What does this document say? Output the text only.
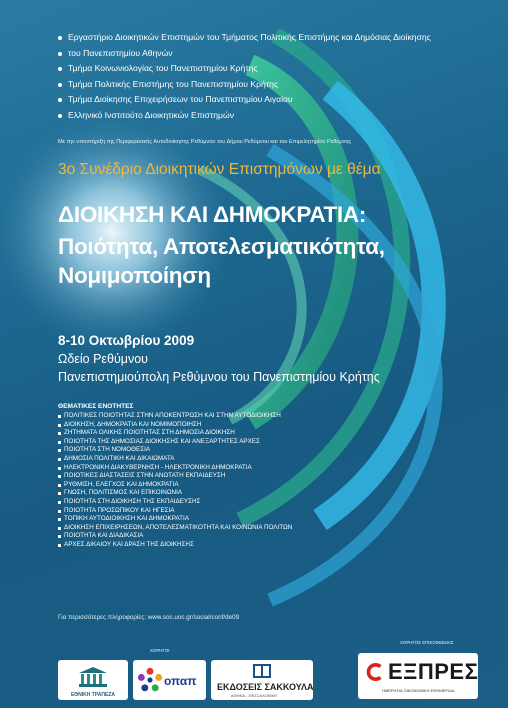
Εργαστήριο Διοικητικών Επιστημών του Τμήματος Πολιτικής Επιστήμης και Δημόσιας Διοίκησης
του Πανεπιστημίου Αθηνών
Τμήμα Κοινωνιολογίας του Πανεπιστημίου Κρήτης
Τμήμα Πολιτικής Επιστήμης του Πανεπιστημίου Κρήτης
Τμήμα Διοίκησης Επιχειρήσεων του Πανεπιστημίου Αιγαίου
Ελληνικό Ινστιτούτο Διοικητικών Επιστημών
Με την υποστήριξη της Περιφερειακής Αυτοδιοίκησης Ρεθύμνου του Δήμου Ρεθύμνου και του Επιμελητηρίου Ρεθύμνης
3ο Συνέδριο Διοικητικών Επιστημόνων με θέμα
ΔΙΟΙΚΗΣΗ ΚΑΙ ΔΗΜΟΚΡΑΤΙΑ:
Ποιότητα, Αποτελεσματικότητα,
Νομιμοποίηση
8-10 Οκτωβρίου 2009
Ωδείο Ρεθύμνου
Πανεπιστημιούπολη Ρεθύμνου του Πανεπιστημίου Κρήτης
ΘΕΜΑΤΙΚΕΣ ΕΝΟΤΗΤΕΣ
ΠΟΛΙΤΙΚΕΣ ΠΟΙΟΤΗΤΑΣ ΣΤΗΝ ΑΠΟΚΕΝΤΡΩΣΗ ΚΑΙ ΣΤΗΝ ΑΥΤΟΔΙΟΙΚΗΣΗ
ΔΙΟΙΚΗΣΗ, ΔΗΜΟΚΡΑΤΙΑ ΚΑΙ ΝΟΜΙΜΟΠΟΙΗΣΗ
ΖΗΤΗΜΑΤΑ ΟΛΙΚΗΣ ΠΟΙΟΤΗΤΑΣ ΣΤΗ ΔΗΜΟΣΙΑ ΔΙΟΙΚΗΣΗ
ΠΟΙΟΤΗΤΑ ΤΗΣ ΔΗΜΟΣΙΑΣ ΔΙΟΙΚΗΣΗΣ ΚΑΙ ΑΝΕΞΑΡΤΗΤΕΣ ΑΡΧΕΣ
ΠΟΙΟΤΗΤΑ ΣΤΗ ΝΟΜΟΘΕΣΙΑ
ΔΗΜΟΣΙΑ ΠΟΛΙΤΙΚΗ ΚΑΙ ΔΙΚΑΙΩΜΑΤΑ
ΗΛΕΚΤΡΟΝΙΚΗ ΔΙΑΚΥΒΕΡΝΗΣΗ - ΗΛΕΚΤΡΟΝΙΚΗ ΔΗΜΟΚΡΑΤΙΑ
ΠΟΙΟΤΙΚΕΣ ΔΙΑΣΤΑΣΕΙΣ ΣΤΗΝ ΑΝΩΤΑΤΗ ΕΚΠΑΙΔΕΥΣΗ
ΡΥΘΜΙΣΗ, ΕΛΕΓΧΟΣ ΚΑΙ ΔΗΜΟΚΡΑΤΙΑ
ΓΝΩΣΗ, ΠΟΛΙΤΙΣΜΟΣ ΚΑΙ ΕΠΙΚΟΙΝΩΝΙΑ
ΠΟΙΟΤΗΤΑ ΣΤΗ ΔΙΟΙΚΗΣΗ ΤΗΣ ΕΚΠΑΙΔΕΥΣΗΣ
ΠΟΙΟΤΗΤΑ ΠΡΟΣΩΠΙΚΟΥ ΚΑΙ ΗΓΕΣΙΑ
ΤΟΠΙΚΗ ΑΥΤΟΔΙΟΙΚΗΣΗ ΚΑΙ ΔΗΜΟΚΡΑΤΙΑ
ΔΙΟΙΚΗΣΗ ΕΠΙΧΕΙΡΗΣΕΩΝ, ΑΠΟΤΕΛΕΣΜΑΤΙΚΟΤΗΤΑ ΚΑΙ ΚΟΙΝΩΝΙΑ ΠΟΛΙΤΩΝ
ΠΟΙΟΤΗΤΑ ΚΑΙ ΔΙΑΔΙΚΑΣΙΑ
ΑΡΧΕΣ ΔΙΚΑΙΟΥ ΚΑΙ ΔΡΑΣΗ ΤΗΣ ΔΙΟΙΚΗΣΗΣ
Για περισσότερες πληροφορίες: www.soc.uoc.gr/social/conf/de09
ΧΟΡΗΓΟΙ
ΧΟΡΗΓΟΣ ΕΠΙΚΟΙΝΩΝΙΑΣ
ΕΘΝΙΚΗ ΤΡΑΠΕΖΑ
οπαπ ΕΚΔΟΣΕΙΣ ΣΑΚΚΟΥΛΑ
ΑΘΗΝΑ - ΘΕΣΣΑΛΟΝΙΚΗ
ΕΞΠΡΕΣ
ΗΜΕΡΗΣΙΑ ΟΙΚΟΝΟΜΙΚΗ ΕΦΗΜΕΡΙΔΑ
